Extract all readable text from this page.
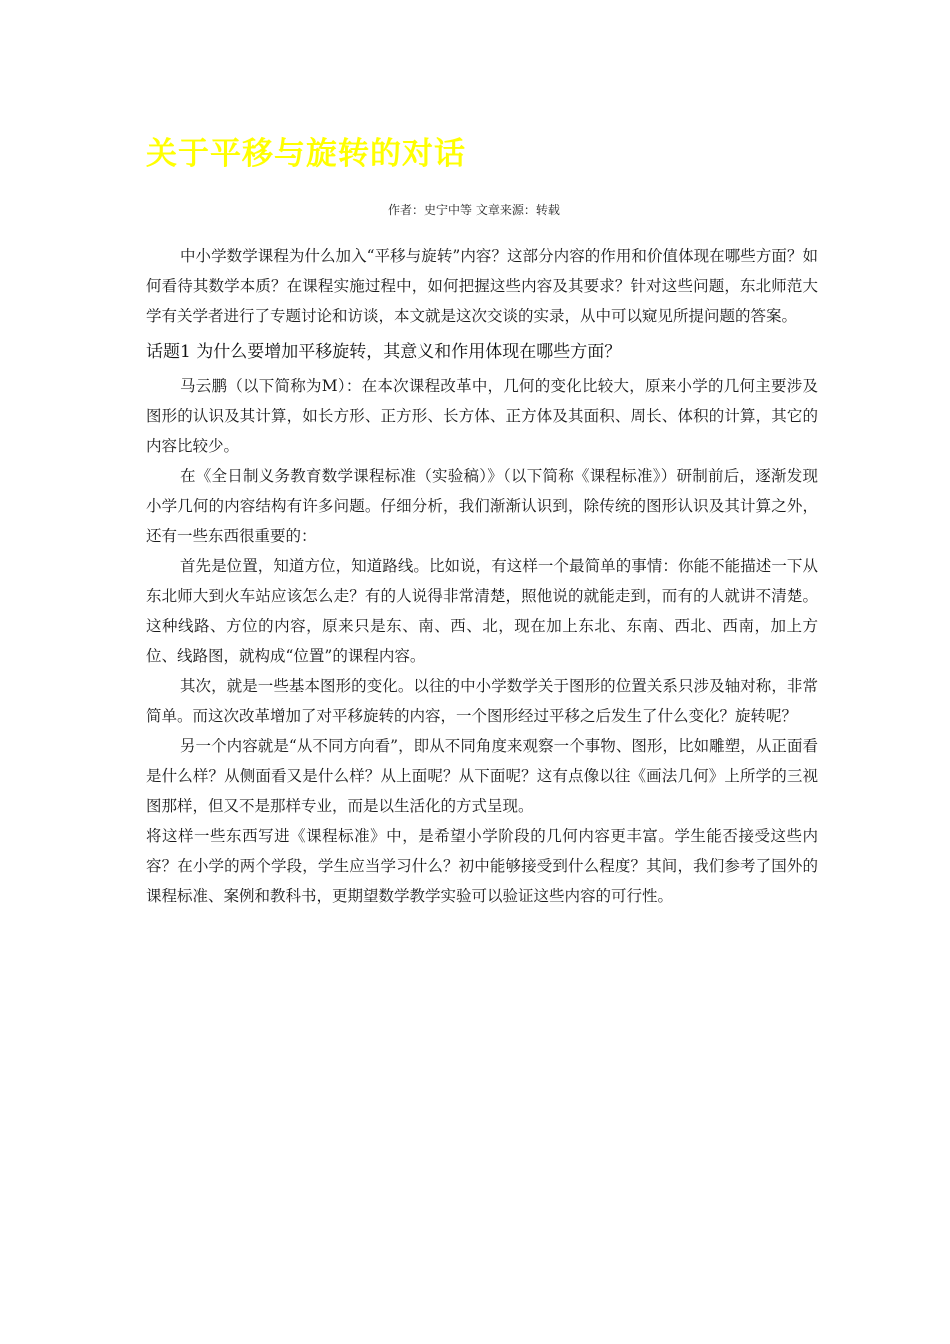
关于平移与旋转的对话
作者：史宁中等 文章来源：转载

中小学数学课程为什么加入“平移与旋转”内容？这部分内容的作用和价值体现在哪些方面？如何看待其数学本质？在课程实施过程中，如何把握这些内容及其要求？针对这些问题，东北师范大学有关学者进行了专题讨论和访谈，本文就是这次交谈的实录，从中可以窥见所提问题的答案。

话题1 为什么要增加平移旋转，其意义和作用体现在哪些方面？

马云鹏（以下简称为M）：在本次课程改革中，几何的变化比较大，原来小学的几何主要涉及图形的认识及其计算，如长方形、正方形、长方体、正方体及其面积、周长、体积的计算，其它的内容比较少。

在《全日制义务教育数学课程标准（实验稿）》（以下简称《课程标准》）研制前后，逐渐发现小学几何的内容结构有许多问题。仔细分析，我们渐渐认识到，除传统的图形认识及其计算之外，还有一些东西很重要的：

首先是位置，知道方位，知道路线。比如说，有这样一个最简单的事情：你能不能描述一下从东北师大到火车站应该怎么走？有的人说得非常清楚，照他说的就能走到，而有的人就讲不清楚。这种线路、方位的内容，原来只是东、南、西、北，现在加上东北、东南、西北、西南，加上方位、线路图，就构成“位置”的课程内容。

其次，就是一些基本图形的变化。以往的中小学数学关于图形的位置关系只涉及轴对称，非常简单。而这次改革增加了对平移旋转的内容，一个图形经过平移之后发生了什么变化？旋转呢？

另一个内容就是“从不同方向看”，即从不同角度来观察一个事物、图形，比如雕塑，从正面看是什么样？从侧面看又是什么样？从上面呢？从下面呢？这有点像以往《画法几何》上所学的三视图那样，但又不是那样专业，而是以生活化的方式呈现。

将这样一些东西写进《课程标准》中，是希望小学阶段的几何内容更丰富。学生能否接受这些内容？在小学的两个学段，学生应当学习什么？初中能够接受到什么程度？其间，我们参考了国外的课程标准、案例和教科书，更期望数学教学实验可以验证这些内容的可行性。
